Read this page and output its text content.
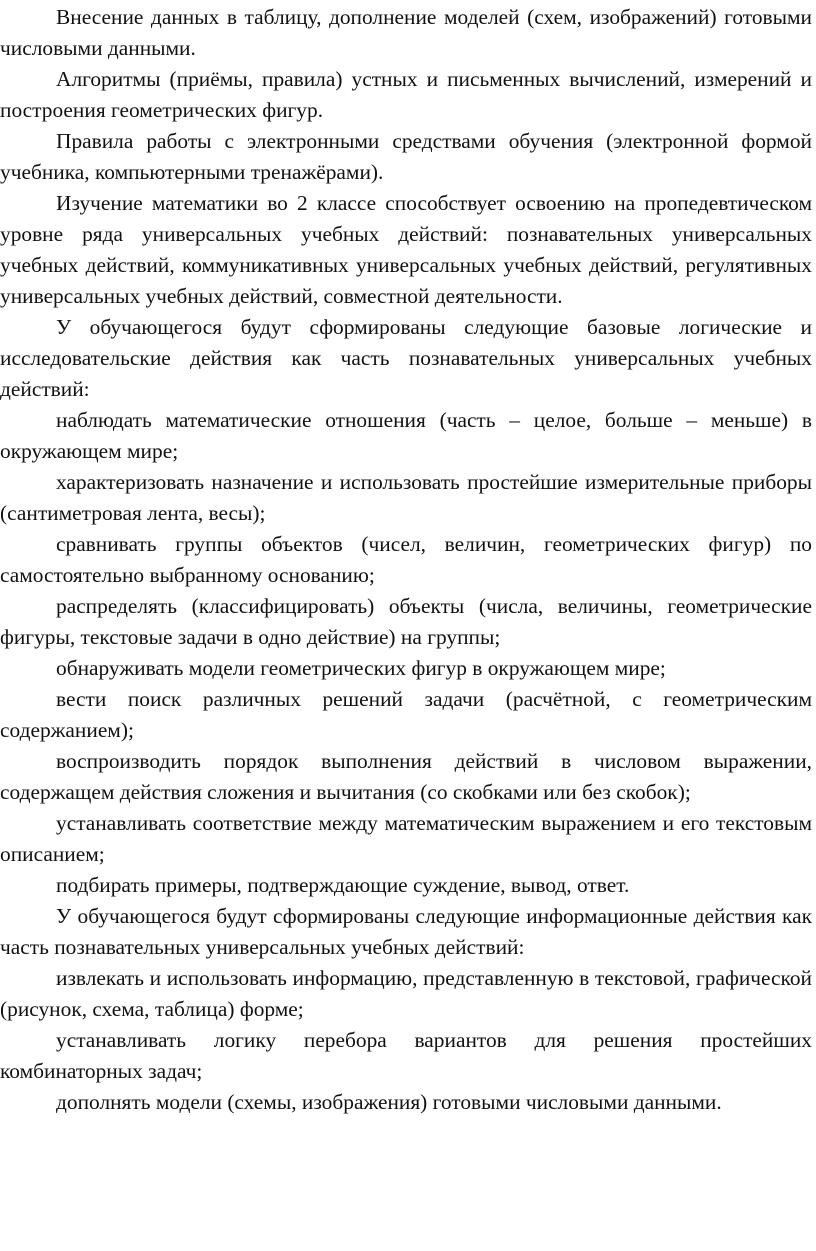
Внесение данных в таблицу, дополнение моделей (схем, изображений) готовыми числовыми данными.

Алгоритмы (приёмы, правила) устных и письменных вычислений, измерений и построения геометрических фигур.

Правила работы с электронными средствами обучения (электронной формой учебника, компьютерными тренажёрами).

Изучение математики во 2 классе способствует освоению на пропедевтическом уровне ряда универсальных учебных действий: познавательных универсальных учебных действий, коммуникативных универсальных учебных действий, регулятивных универсальных учебных действий, совместной деятельности.

У обучающегося будут сформированы следующие базовые логические и исследовательские действия как часть познавательных универсальных учебных действий:

наблюдать математические отношения (часть – целое, больше – меньше) в окружающем мире;

характеризовать назначение и использовать простейшие измерительные приборы (сантиметровая лента, весы);

сравнивать группы объектов (чисел, величин, геометрических фигур) по самостоятельно выбранному основанию;

распределять (классифицировать) объекты (числа, величины, геометрические фигуры, текстовые задачи в одно действие) на группы;

обнаруживать модели геометрических фигур в окружающем мире;

вести поиск различных решений задачи (расчётной, с геометрическим содержанием);

воспроизводить порядок выполнения действий в числовом выражении, содержащем действия сложения и вычитания (со скобками или без скобок);

устанавливать соответствие между математическим выражением и его текстовым описанием;

подбирать примеры, подтверждающие суждение, вывод, ответ.

У обучающегося будут сформированы следующие информационные действия как часть познавательных универсальных учебных действий:

извлекать и использовать информацию, представленную в текстовой, графической (рисунок, схема, таблица) форме;

устанавливать логику перебора вариантов для решения простейших комбинаторных задач;

дополнять модели (схемы, изображения) готовыми числовыми данными.
